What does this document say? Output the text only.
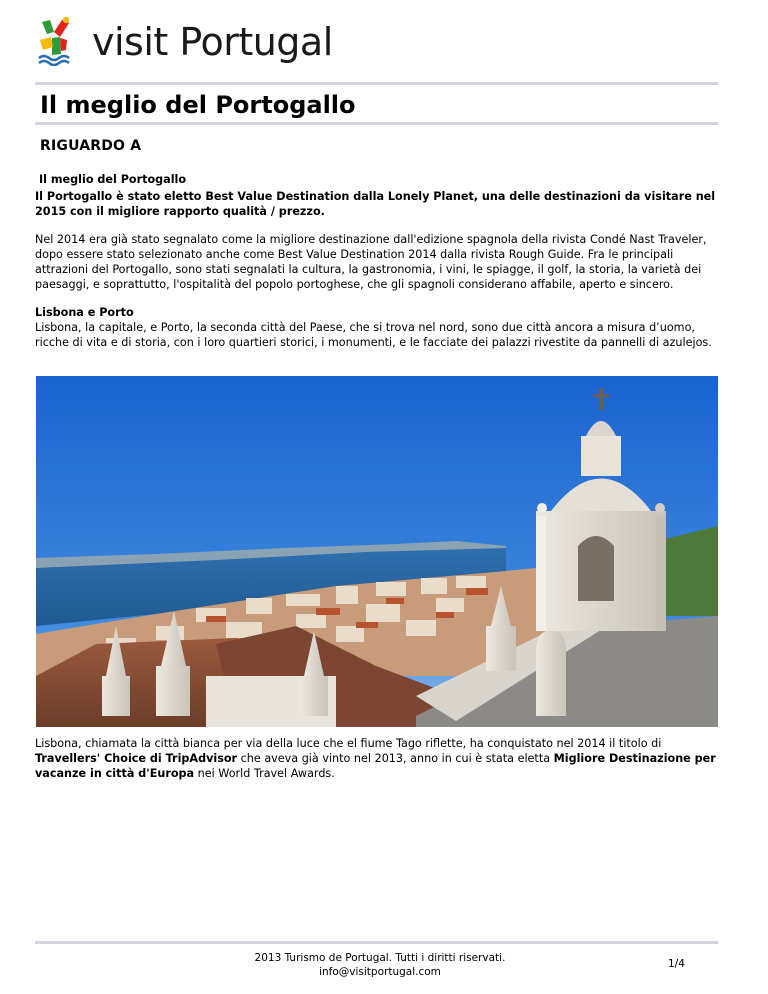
visit Portugal
Il meglio del Portogallo
RIGUARDO A

Il meglio del Portogallo

Il Portogallo è stato eletto Best Value Destination dalla Lonely Planet, una delle destinazioni da visitare nel 2015 con il migliore rapporto qualità / prezzo.

Nel 2014 era già stato segnalato come la migliore destinazione dall'edizione spagnola della rivista Condé Nast Traveler, dopo essere stato selezionato anche come Best Value Destination 2014 dalla rivista Rough Guide. Fra le principali attrazioni del Portogallo, sono stati segnalati la cultura, la gastronomia, i vini, le spiagge, il golf, la storia, la varietà dei paesaggi, e soprattutto, l'ospitalità del popolo portoghese, che gli spagnoli considerano affabile, aperto e sincero.

Lisbona e Porto
Lisbona, la capitale, e Porto, la seconda città del Paese, che si trova nel nord, sono due città ancora a misura d’uomo, ricche di vita e di storia, con i loro quartieri storici, i monumenti, e le facciate dei palazzi rivestite da pannelli di azulejos.

Lisbona, chiamata la città bianca per via della luce che el fiume Tago riflette, ha conquistato nel 2014 il titolo di Travellers' Choice di TripAdvisor che aveva già vinto nel 2013, anno in cui è stata eletta Migliore Destinazione per vacanze in città d'Europa nei World Travel Awards.
2013 Turismo de Portugal. Tutti i diritti riservati.
info@visitportugal.com
1/4
